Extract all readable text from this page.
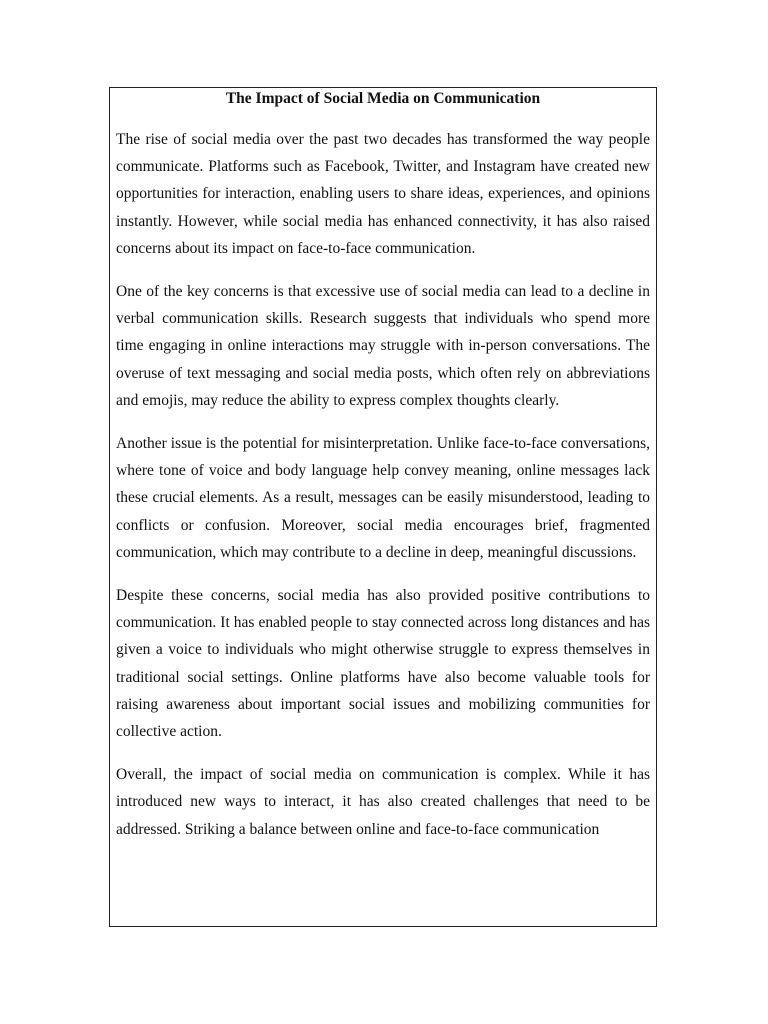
The Impact of Social Media on Communication

The rise of social media over the past two decades has transformed the way people communicate. Platforms such as Facebook, Twitter, and Instagram have created new opportunities for interaction, enabling users to share ideas, experiences, and opinions instantly. However, while social media has enhanced connectivity, it has also raised concerns about its impact on face-to-face communication.

One of the key concerns is that excessive use of social media can lead to a decline in verbal communication skills. Research suggests that individuals who spend more time engaging in online interactions may struggle with in-person conversations. The overuse of text messaging and social media posts, which often rely on abbreviations and emojis, may reduce the ability to express complex thoughts clearly.

Another issue is the potential for misinterpretation. Unlike face-to-face conversations, where tone of voice and body language help convey meaning, online messages lack these crucial elements. As a result, messages can be easily misunderstood, leading to conflicts or confusion. Moreover, social media encourages brief, fragmented communication, which may contribute to a decline in deep, meaningful discussions.

Despite these concerns, social media has also provided positive contributions to communication. It has enabled people to stay connected across long distances and has given a voice to individuals who might otherwise struggle to express themselves in traditional social settings. Online platforms have also become valuable tools for raising awareness about important social issues and mobilizing communities for collective action.

Overall, the impact of social media on communication is complex. While it has introduced new ways to interact, it has also created challenges that need to be addressed. Striking a balance between online and face-to-face communication
